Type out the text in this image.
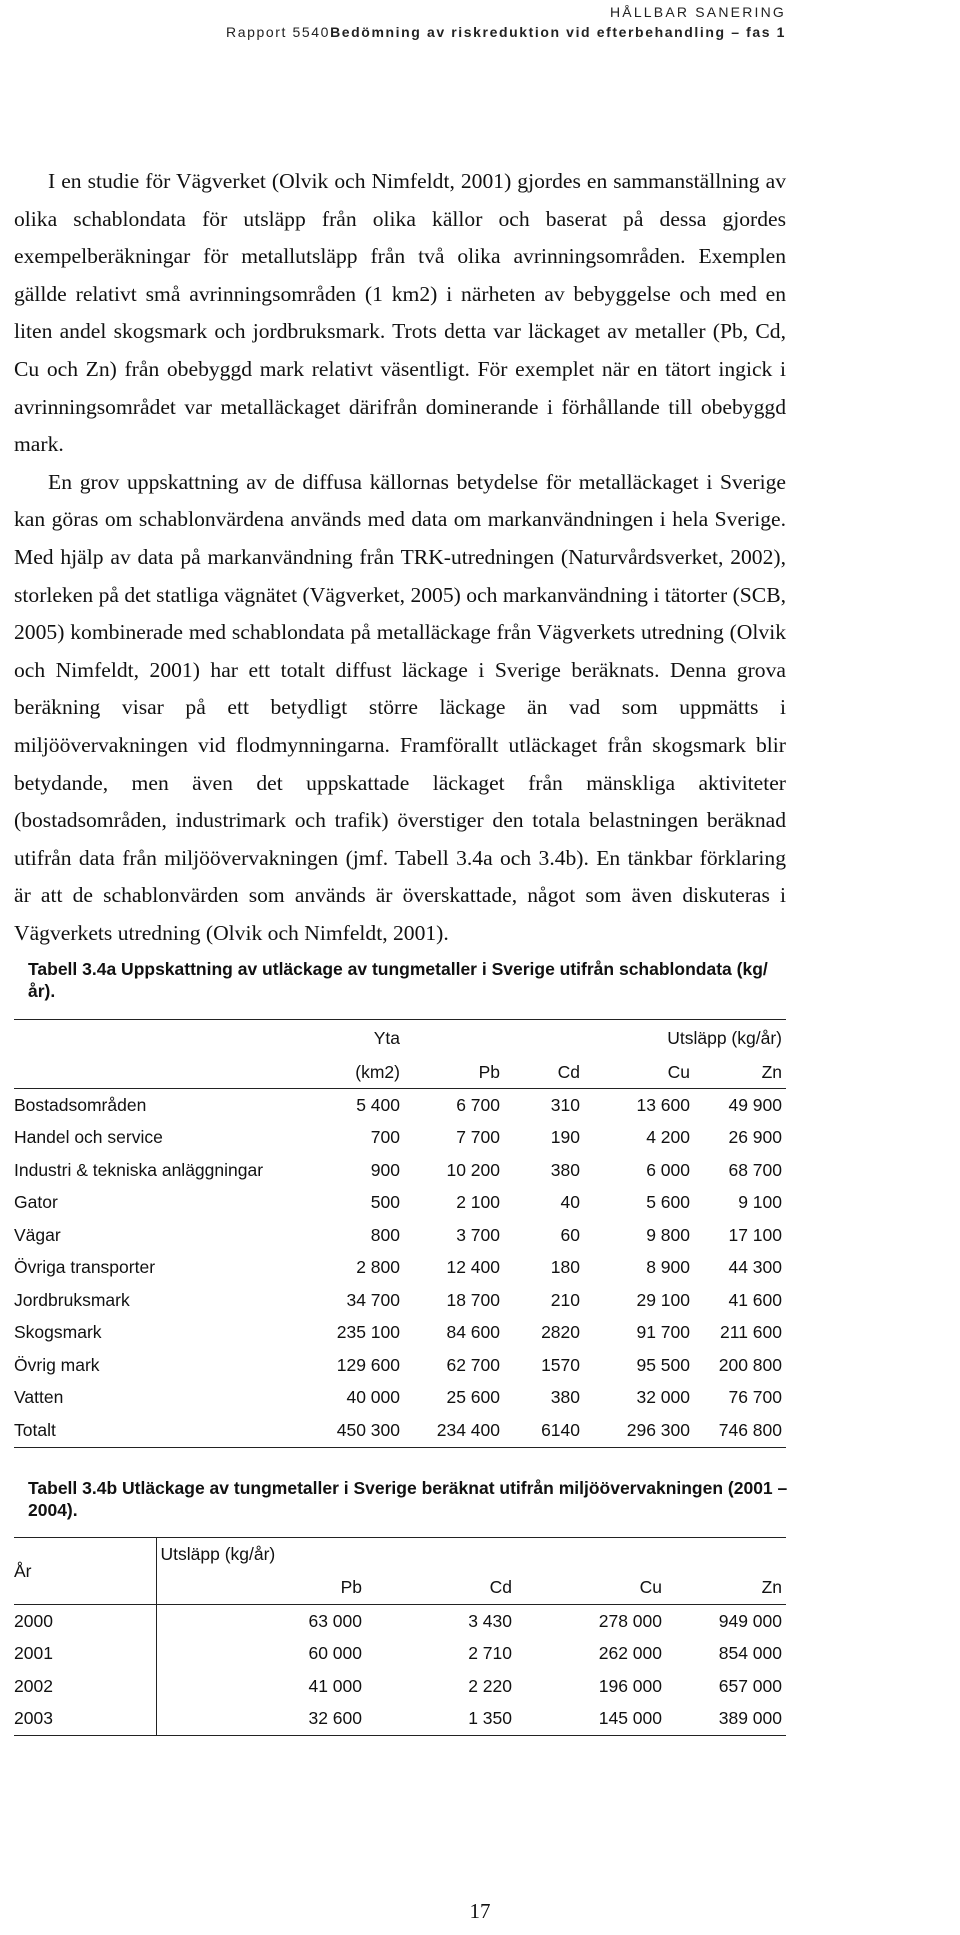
HÅLLBAR SANERING
Rapport 5540Bedömning av riskreduktion vid efterbehandling – fas 1

I en studie för Vägverket (Olvik och Nimfeldt, 2001) gjordes en sammanställning av olika schablondata för utsläpp från olika källor och baserat på dessa gjordes exempelberäkningar för metallutsläpp från två olika avrinningsområden. Exemplen gällde relativt små avrinningsområden (1 km2) i närheten av bebyggelse och med en liten andel skogsmark och jordbruksmark. Trots detta var läckaget av metaller (Pb, Cd, Cu och Zn) från obebyggd mark relativt väsentligt. För exemplet när en tätort ingick i avrinningsområdet var metalläckaget därifrån dominerande i förhållande till obebyggd mark.

En grov uppskattning av de diffusa källornas betydelse för metalläckaget i Sverige kan göras om schablonvärdena används med data om markanvändningen i hela Sverige. Med hjälp av data på markanvändning från TRK-utredningen (Naturvårdsverket, 2002), storleken på det statliga vägnätet (Vägverket, 2005) och markanvändning i tätorter (SCB, 2005) kombinerade med schablondata på metalläckage från Vägverkets utredning (Olvik och Nimfeldt, 2001) har ett totalt diffust läckage i Sverige beräknats. Denna grova beräkning visar på ett betydligt större läckage än vad som uppmätts i miljöövervakningen vid flodmynningarna. Framförallt utläckaget från skogsmark blir betydande, men även det uppskattade läckaget från mänskliga aktiviteter (bostadsområden, industrimark och trafik) överstiger den totala belastningen beräknad utifrån data från miljöövervakningen (jmf. Tabell 3.4a och 3.4b). En tänkbar förklaring är att de schablonvärden som används är överskattade, något som även diskuteras i Vägverkets utredning (Olvik och Nimfeldt, 2001).

Tabell 3.4a Uppskattning av utläckage av tungmetaller i Sverige utifrån schablondata (kg/år).
	Yta			Utsläpp (kg/år)	
	(km2)	Pb	Cd	Cu	Zn
Bostadsområden	5 400	6 700	310	13 600	49 900
Handel och service	700	7 700	190	4 200	26 900
Industri & tekniska anläggningar	900	10 200	380	6 000	68 700
Gator	500	2 100	40	5 600	9 100
Vägar	800	3 700	60	9 800	17 100
Övriga transporter	2 800	12 400	180	8 900	44 300
Jordbruksmark	34 700	18 700	210	29 100	41 600
Skogsmark	235 100	84 600	2820	91 700	211 600
Övrig mark	129 600	62 700	1570	95 500	200 800
Vatten	40 000	25 600	380	32 000	76 700
Totalt	450 300	234 400	6140	296 300	746 800
Tabell 3.4b Utläckage av tungmetaller i Sverige beräknat utifrån miljöövervakningen (2001 – 2004).
År	Utsläpp (kg/år)			
	Pb	Cd	Cu	Zn
2000	63 000	3 430	278 000	949 000
2001	60 000	2 710	262 000	854 000
2002	41 000	2 220	196 000	657 000
2003	32 600	1 350	145 000	389 000
17
